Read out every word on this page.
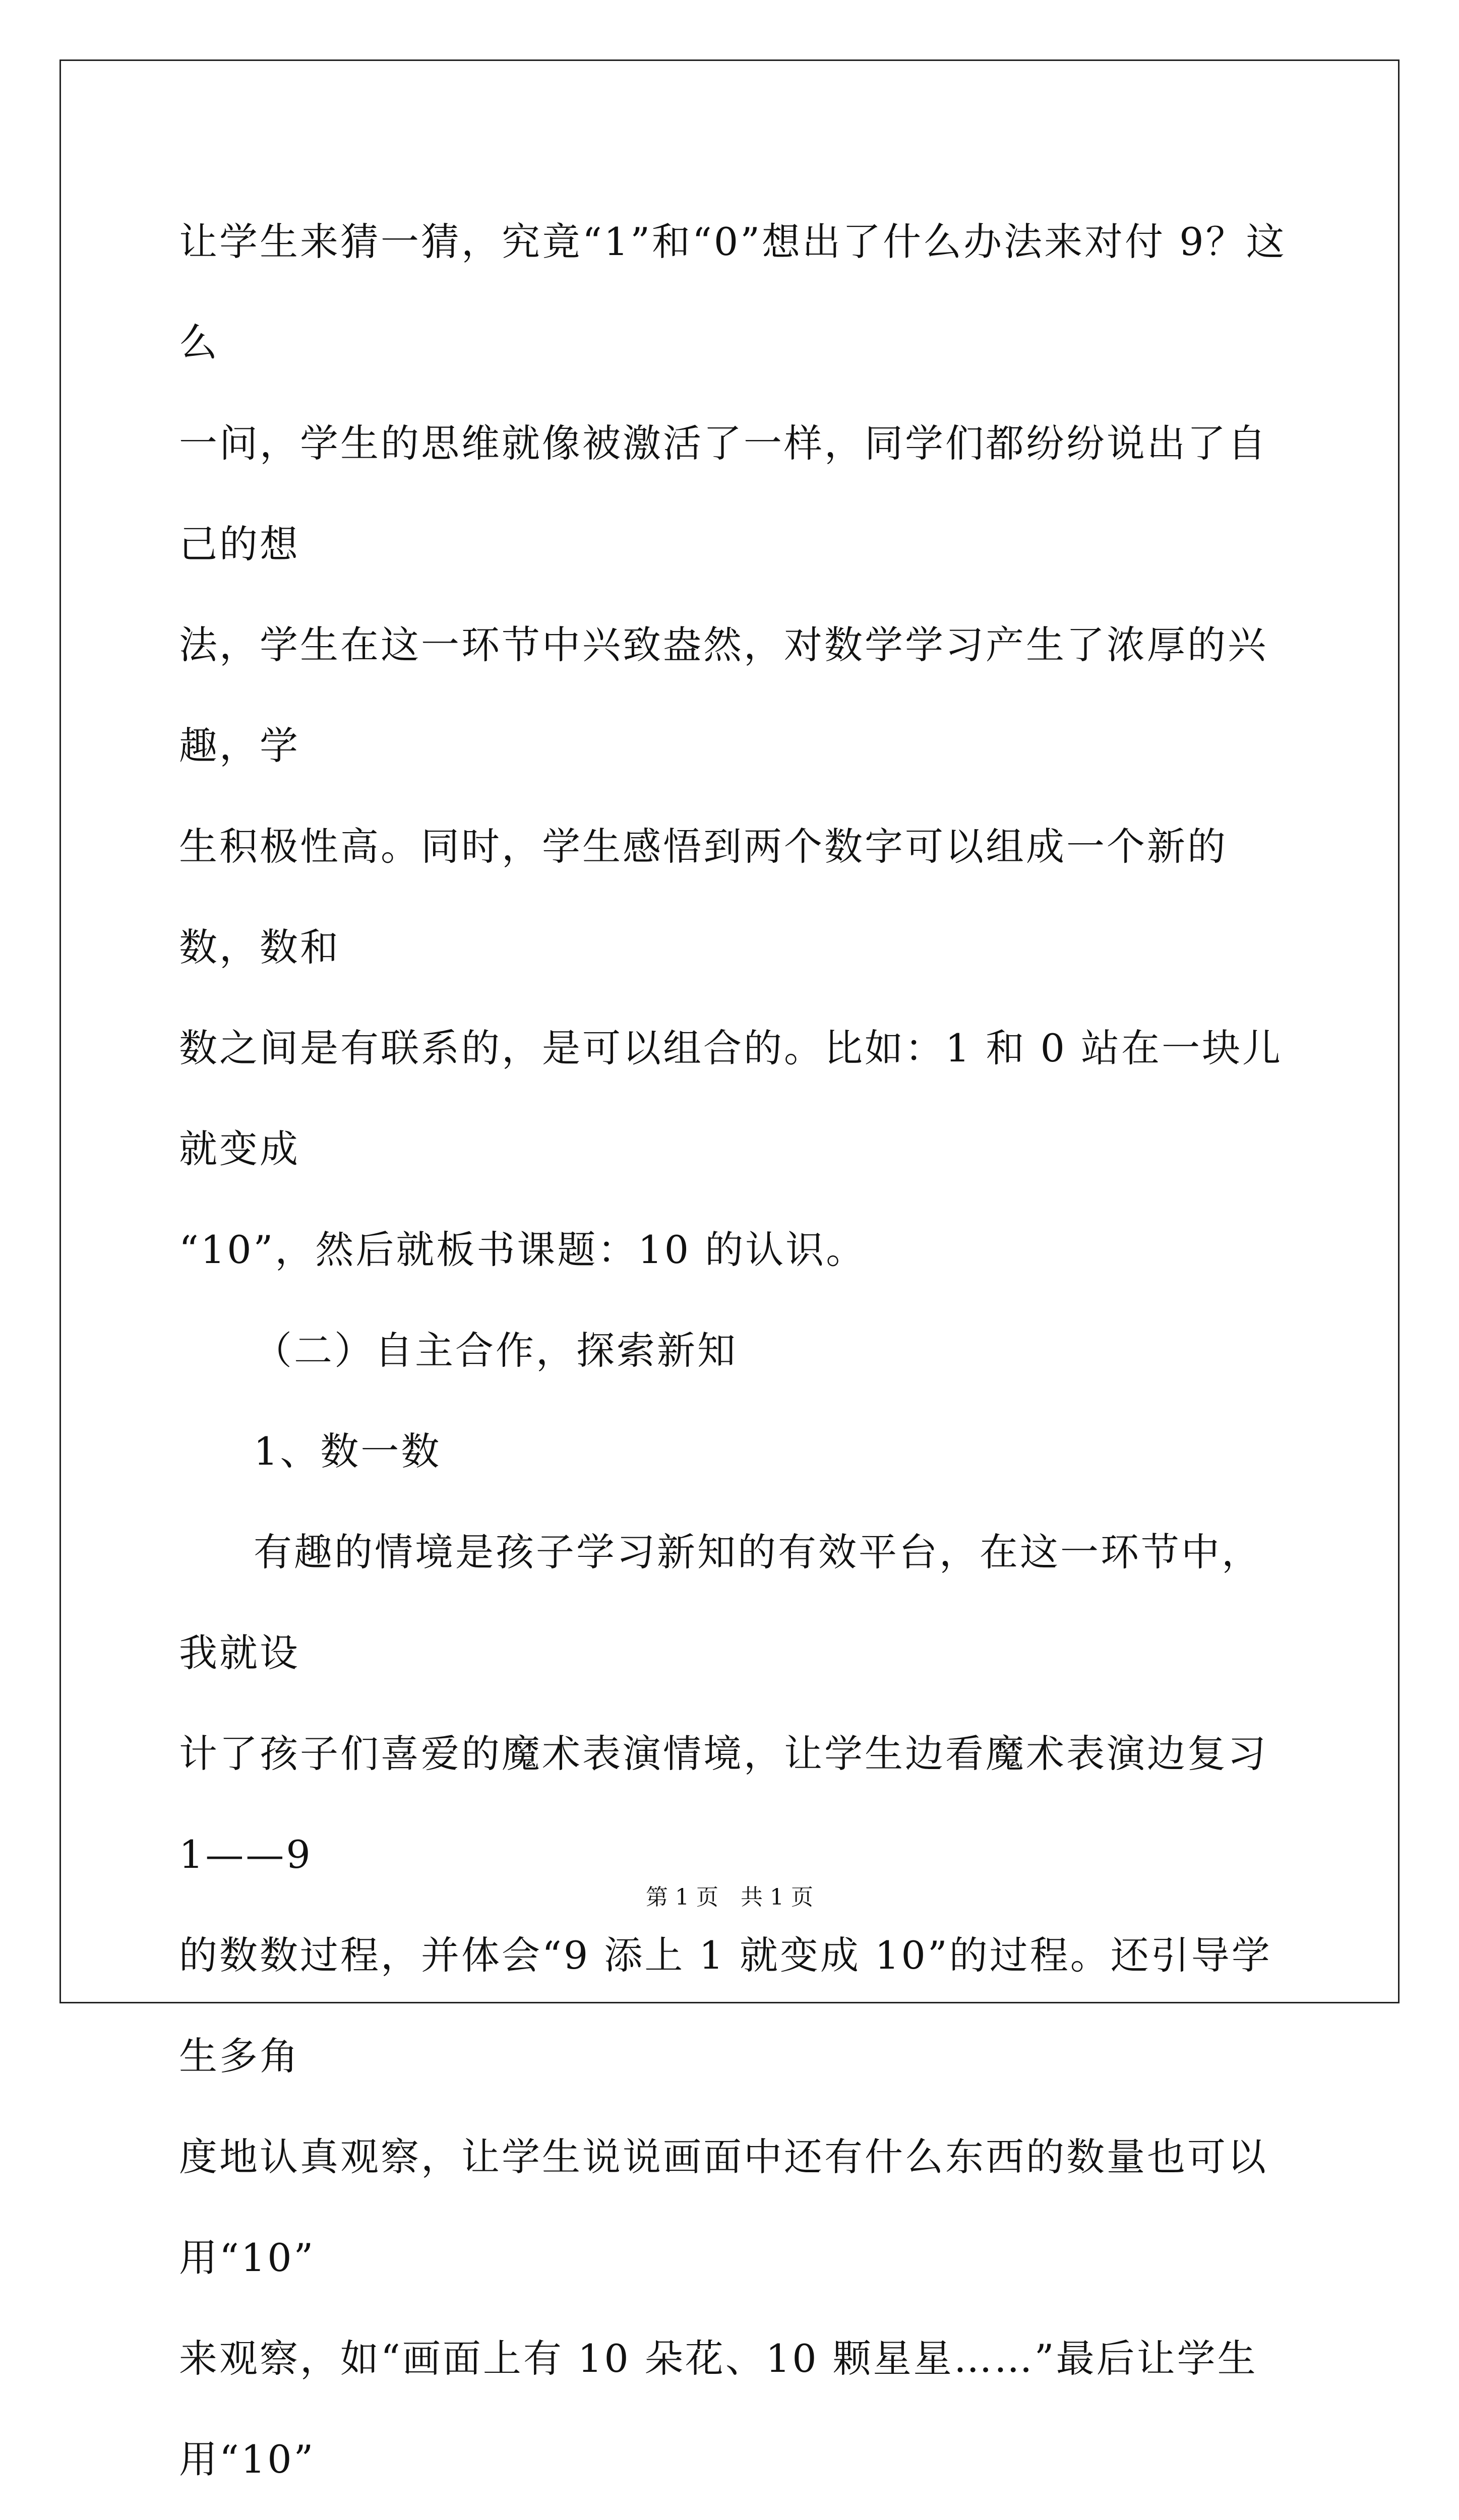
让学生来猜一猜，究竟“1”和“0”想出了什么办法来对付 9？这么

一问，学生的思维就像被激活了一样，同学们都纷纷说出了自己的想

法，学生在这一环节中兴致盎然，对数学学习产生了浓厚的兴趣，学

生积极性高。同时，学生感悟到两个数字可以组成一个新的数，数和

数之间是有联系的，是可以组合的。比如：1 和 0 站在一块儿就变成

“10”，然后就板书课题：10 的认识。

（二）自主合作，探索新知

1、数一数

有趣的情境是孩子学习新知的有效平台，在这一环节中，我就设

计了孩子们喜爱的魔术表演情境，让学生边看魔术表演边复习 1——9

的数数过程，并体会“9 添上 1 就变成 10”的过程。还引导学生多角

度地认真观察，让学生说说画面中还有什么东西的数量也可以用“10”

来观察，如“画面上有 10 朵花、10 颗星星……”最后让学生用“10”

第 1 页　共 1 页
